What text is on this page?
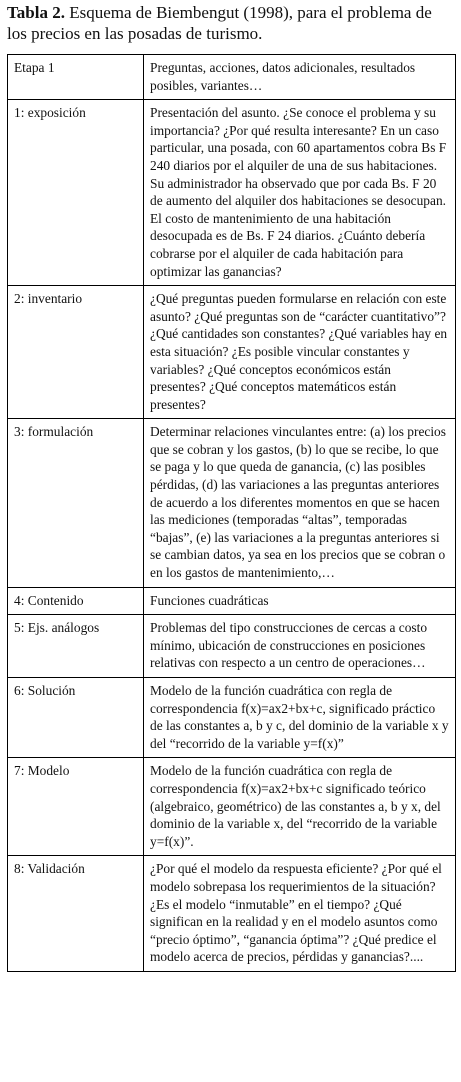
Tabla 2. Esquema de Biembengut (1998), para el problema de los precios en las posadas de turismo.
Etapa 1	Preguntas, acciones, datos adicionales, resultados posibles, variantes…
1: exposición	Presentación del asunto. ¿Se conoce el problema y su importancia? ¿Por qué resulta interesante? En un caso particular, una posada, con 60 apartamentos cobra Bs F 240 diarios por el alquiler de una de sus habitaciones. Su administrador ha observado que por cada Bs. F 20 de aumento del alquiler dos habitaciones se desocupan. El costo de mantenimiento de una habitación desocupada es de Bs. F 24 diarios. ¿Cuánto debería cobrarse por el alquiler de cada habitación para optimizar las ganancias?
2: inventario	¿Qué preguntas pueden formularse en relación con este asunto? ¿Qué preguntas son de “carácter cuantitativo”? ¿Qué cantidades son constantes? ¿Qué variables hay en esta situación? ¿Es posible vincular constantes y variables? ¿Qué conceptos económicos están presentes? ¿Qué conceptos matemáticos están presentes?
3: formulación	Determinar relaciones vinculantes entre: (a) los precios que se cobran y los gastos, (b) lo que se recibe, lo que se paga y lo que queda de ganancia, (c) las posibles pérdidas, (d) las variaciones a las preguntas anteriores de acuerdo a los diferentes momentos en que se hacen las mediciones (temporadas “altas”, temporadas “bajas”, (e) las variaciones a la preguntas anteriores si se cambian datos, ya sea en los precios que se cobran o en los gastos de mantenimiento,…
4: Contenido	Funciones cuadráticas
5: Ejs. análogos	Problemas del tipo construcciones de cercas a costo mínimo, ubicación de construcciones en posiciones relativas con respecto a un centro de operaciones…
6: Solución	Modelo de la función cuadrática con regla de correspondencia f(x)=ax2+bx+c, significado práctico de las constantes a, b y c, del dominio de la variable x y del “recorrido de la variable y=f(x)”
7: Modelo	Modelo de la función cuadrática con regla de correspondencia f(x)=ax2+bx+c significado teórico (algebraico, geométrico) de las constantes a, b y x, del dominio de la variable x, del “recorrido de la variable y=f(x)”.
8: Validación	¿Por qué el modelo da respuesta eficiente? ¿Por qué el modelo sobrepasa los requerimientos de la situación? ¿Es el modelo “inmutable” en el tiempo? ¿Qué significan en la realidad y en el modelo asuntos como “precio óptimo”, “ganancia óptima”? ¿Qué predice el modelo acerca de precios, pérdidas y ganancias?....
